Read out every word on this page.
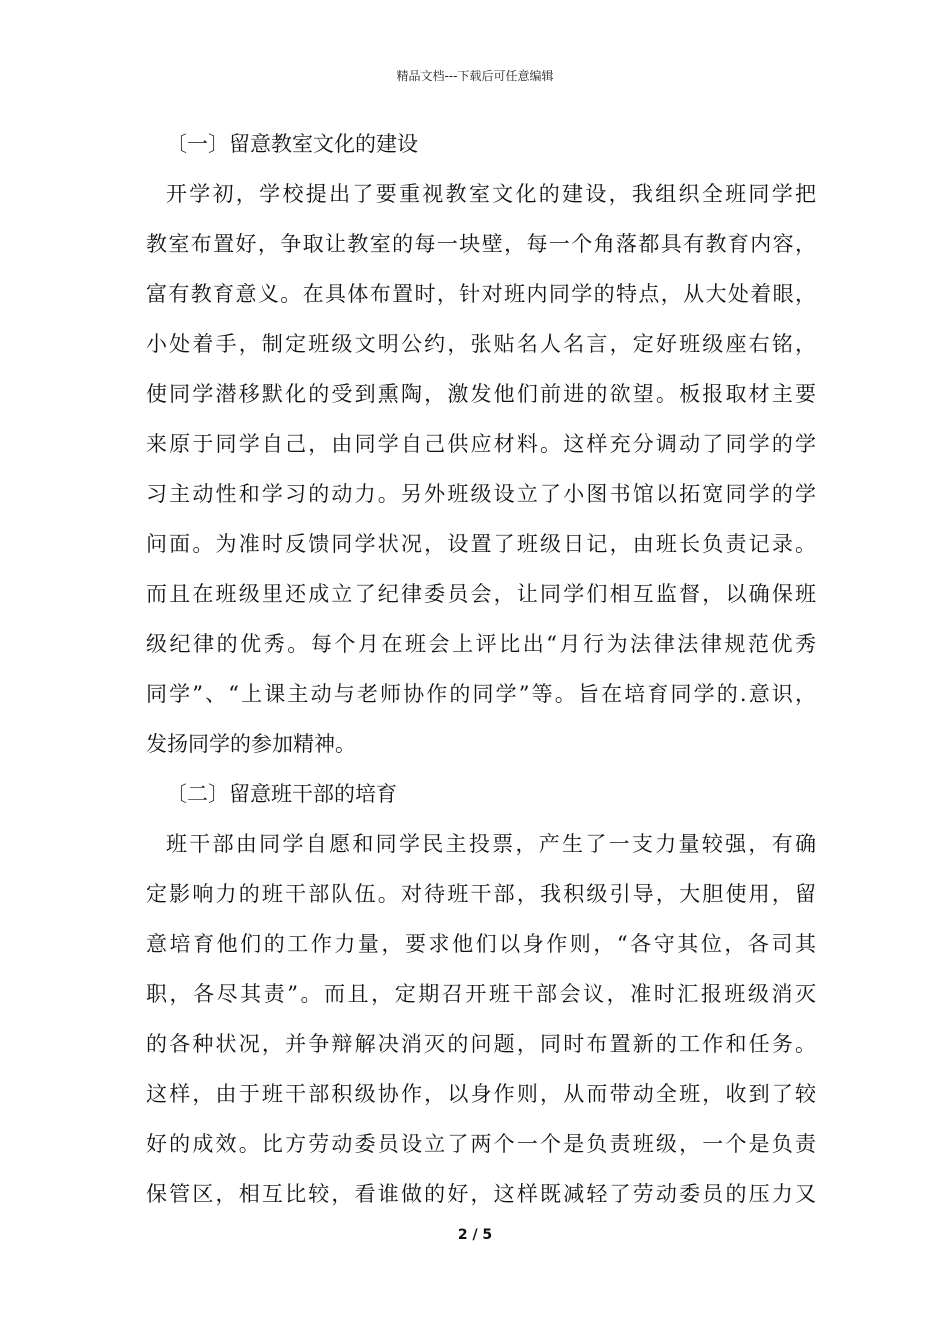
精品文档---下载后可任意编辑
〔一〕留意教室文化的建设
开学初，学校提出了要重视教室文化的建设，我组织全班同学把
教室布置好，争取让教室的每一块壁，每一个角落都具有教育内容，
富有教育意义。在具体布置时，针对班内同学的特点，从大处着眼，
小处着手，制定班级文明公约，张贴名人名言，定好班级座右铭，
使同学潜移默化的受到熏陶，激发他们前进的欲望。板报取材主要
来原于同学自己，由同学自己供应材料。这样充分调动了同学的学
习主动性和学习的动力。另外班级设立了小图书馆以拓宽同学的学
问面。为准时反馈同学状况，设置了班级日记，由班长负责记录。
而且在班级里还成立了纪律委员会，让同学们相互监督，以确保班
级纪律的优秀。每个月在班会上评比出“月行为法律法律规范优秀
同学”、“上课主动与老师协作的同学”等。旨在培育同学的.意识，
发扬同学的参加精神。
〔二〕留意班干部的培育
班干部由同学自愿和同学民主投票，产生了一支力量较强，有确
定影响力的班干部队伍。对待班干部，我积级引导，大胆使用，留
意培育他们的工作力量，要求他们以身作则，“各守其位，各司其
职，各尽其责”。而且，定期召开班干部会议，准时汇报班级消灭
的各种状况，并争辩解决消灭的问题，同时布置新的工作和任务。
这样，由于班干部积级协作，以身作则，从而带动全班，收到了较
好的成效。比方劳动委员设立了两个一个是负责班级，一个是负责
保管区，相互比较，看谁做的好，这样既减轻了劳动委员的压力又
2 / 5
